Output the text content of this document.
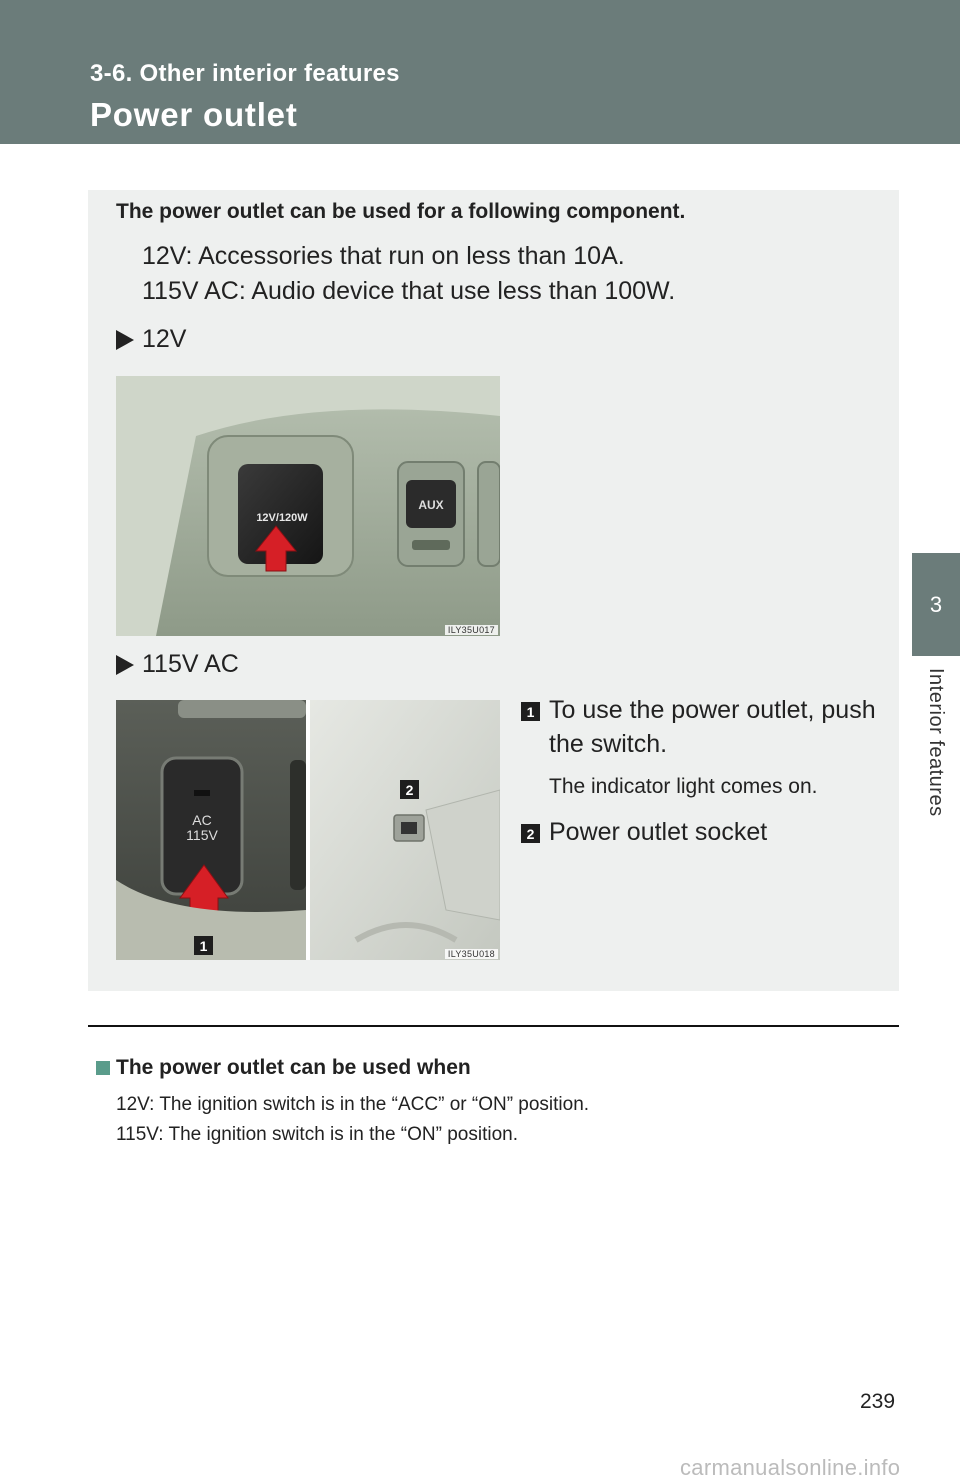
3-6. Other interior features
Power outlet
3
Interior features
The power outlet can be used for a following component.
12V: Accessories that run on less than 10A.
115V AC: Audio device that use less than 100W.
12V
12V/120W
AUX
ILY35U017
115V AC
AC
115V
1
2
ILY35U018
1 To use the power outlet, push the switch.
The indicator light comes on.
2 Power outlet socket
The power outlet can be used when
12V: The ignition switch is in the “ACC” or “ON” position.
115V: The ignition switch is in the “ON” position.
239
carmanualsonline.info
